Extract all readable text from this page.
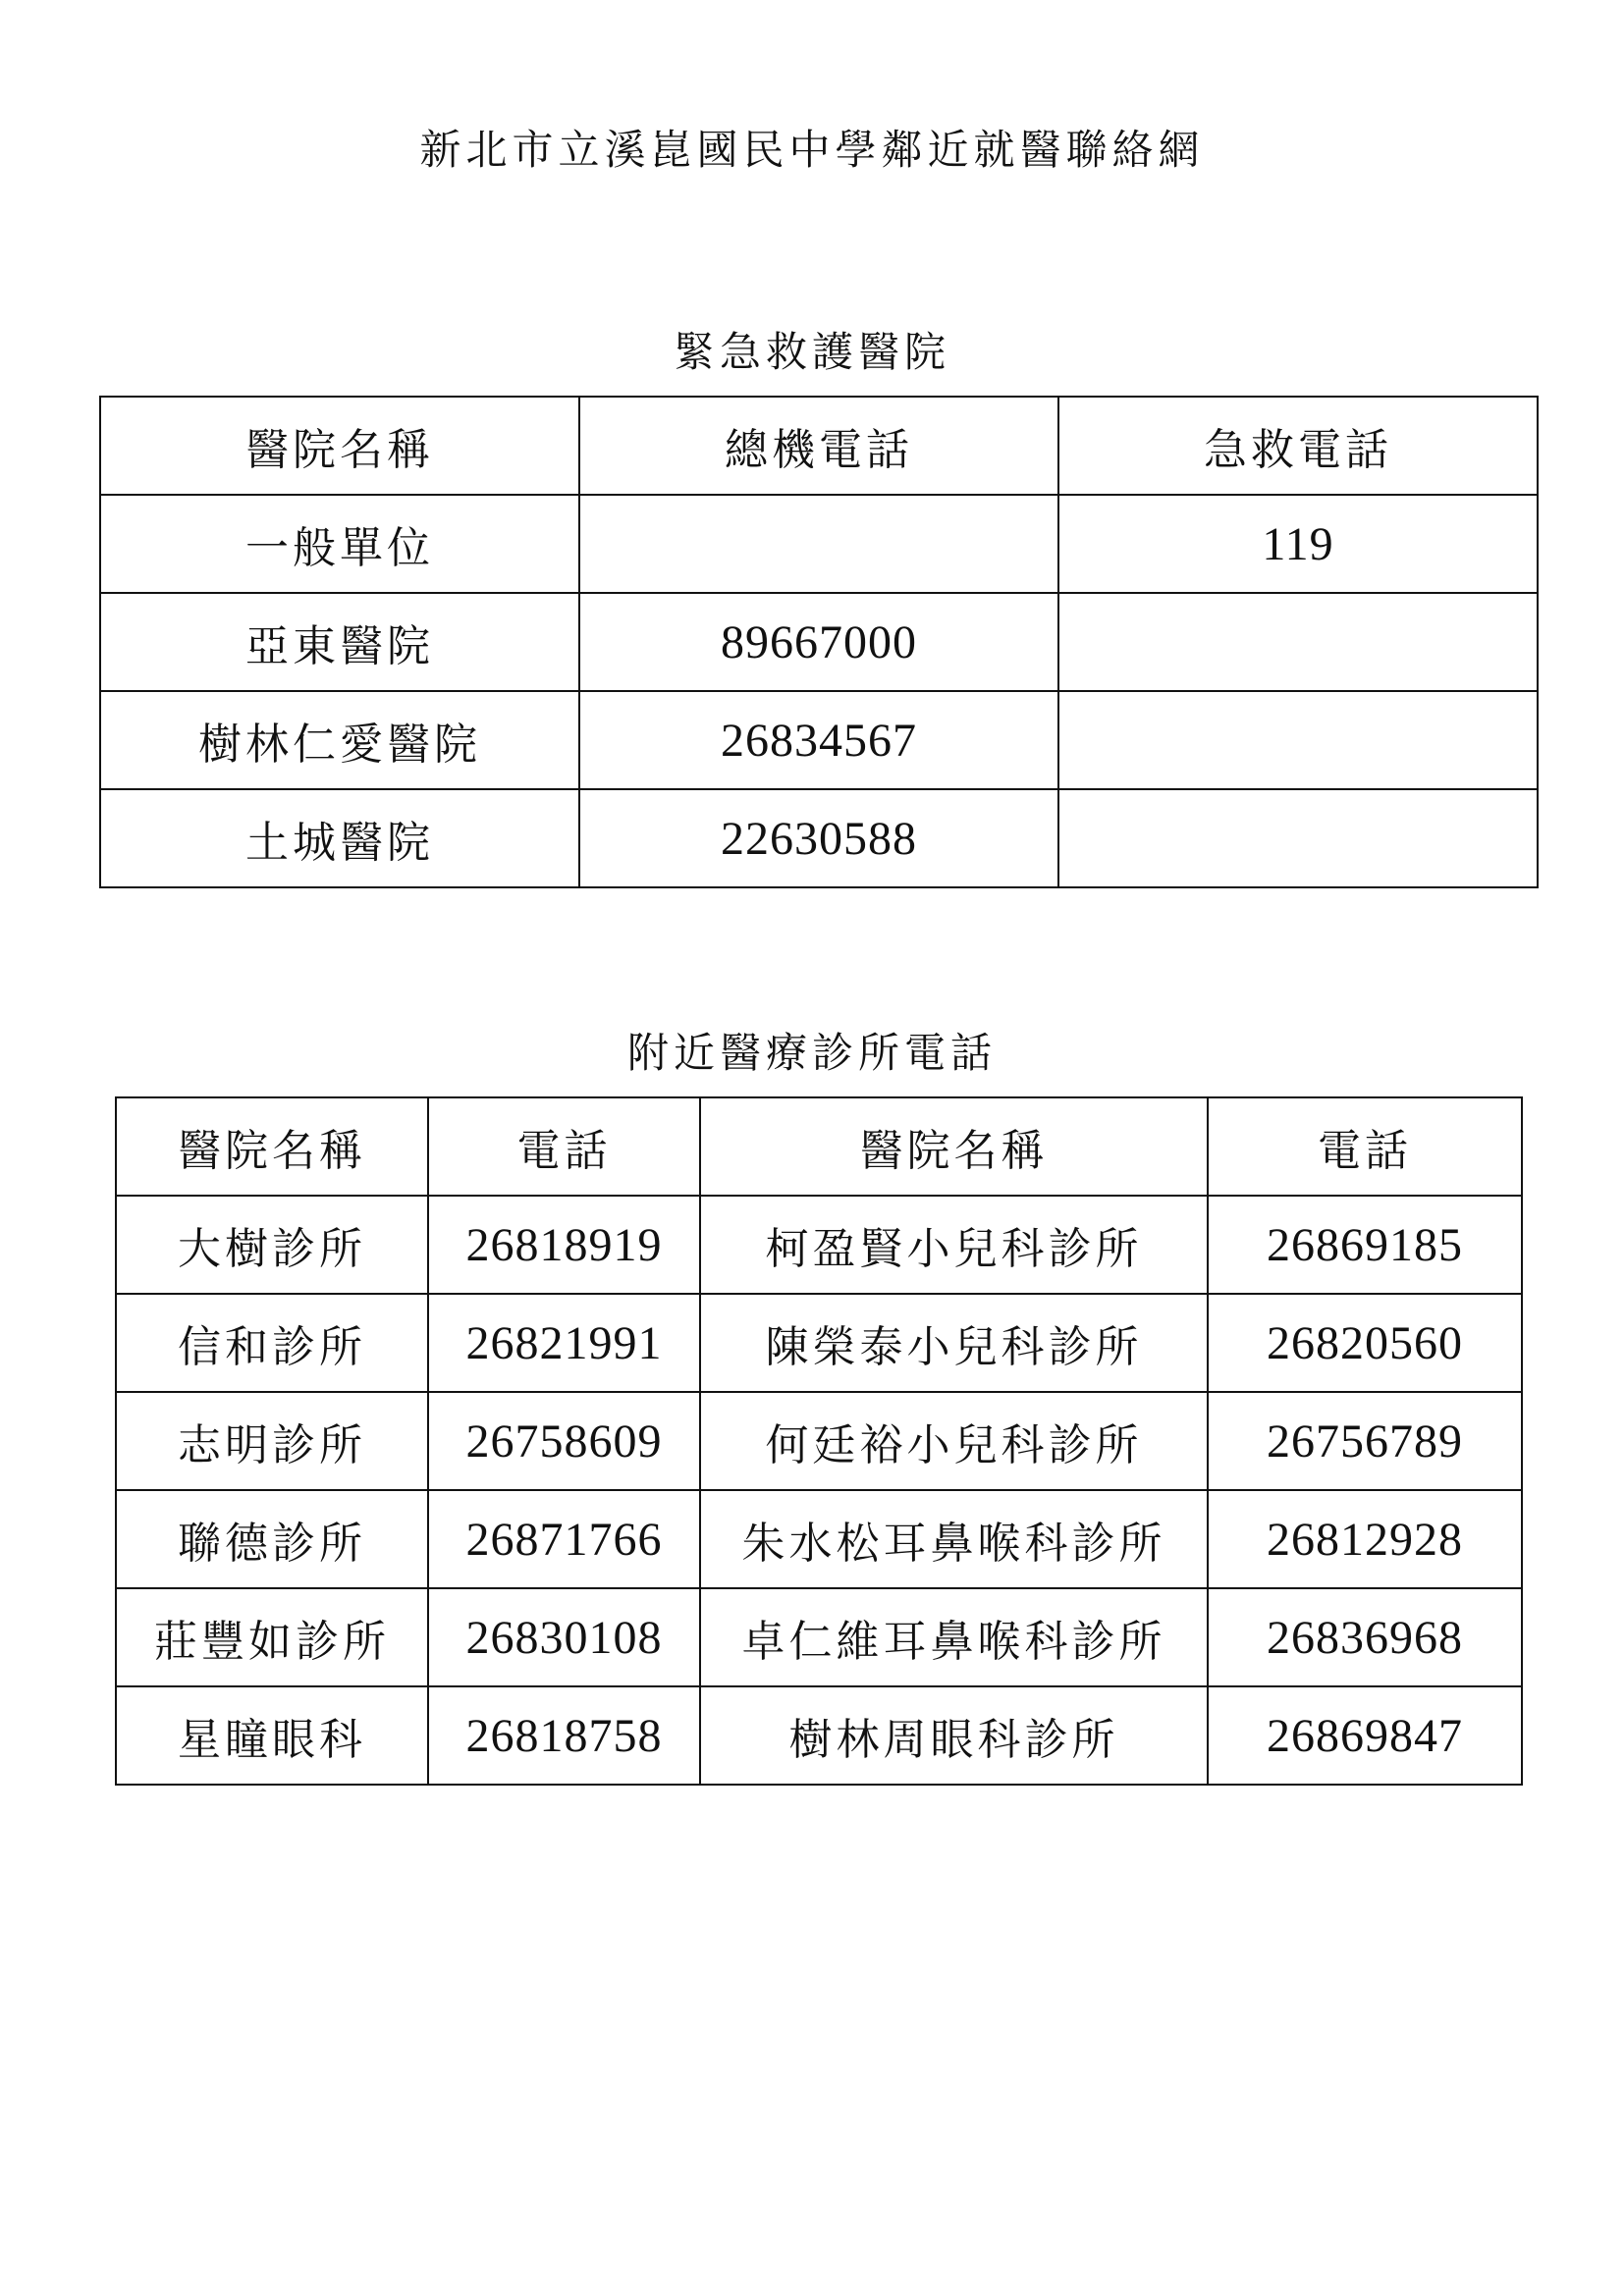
新北市立溪崑國民中學鄰近就醫聯絡網
緊急救護醫院
醫院名稱	總機電話	急救電話
一般單位		119
亞東醫院	89667000	
樹林仁愛醫院	26834567	
土城醫院	22630588	
附近醫療診所電話
醫院名稱	電話	醫院名稱	電話
大樹診所	26818919	柯盈賢小兒科診所	26869185
信和診所	26821991	陳榮泰小兒科診所	26820560
志明診所	26758609	何廷裕小兒科診所	26756789
聯德診所	26871766	朱水松耳鼻喉科診所	26812928
莊豐如診所	26830108	卓仁維耳鼻喉科診所	26836968
星瞳眼科	26818758	樹林周眼科診所	26869847
